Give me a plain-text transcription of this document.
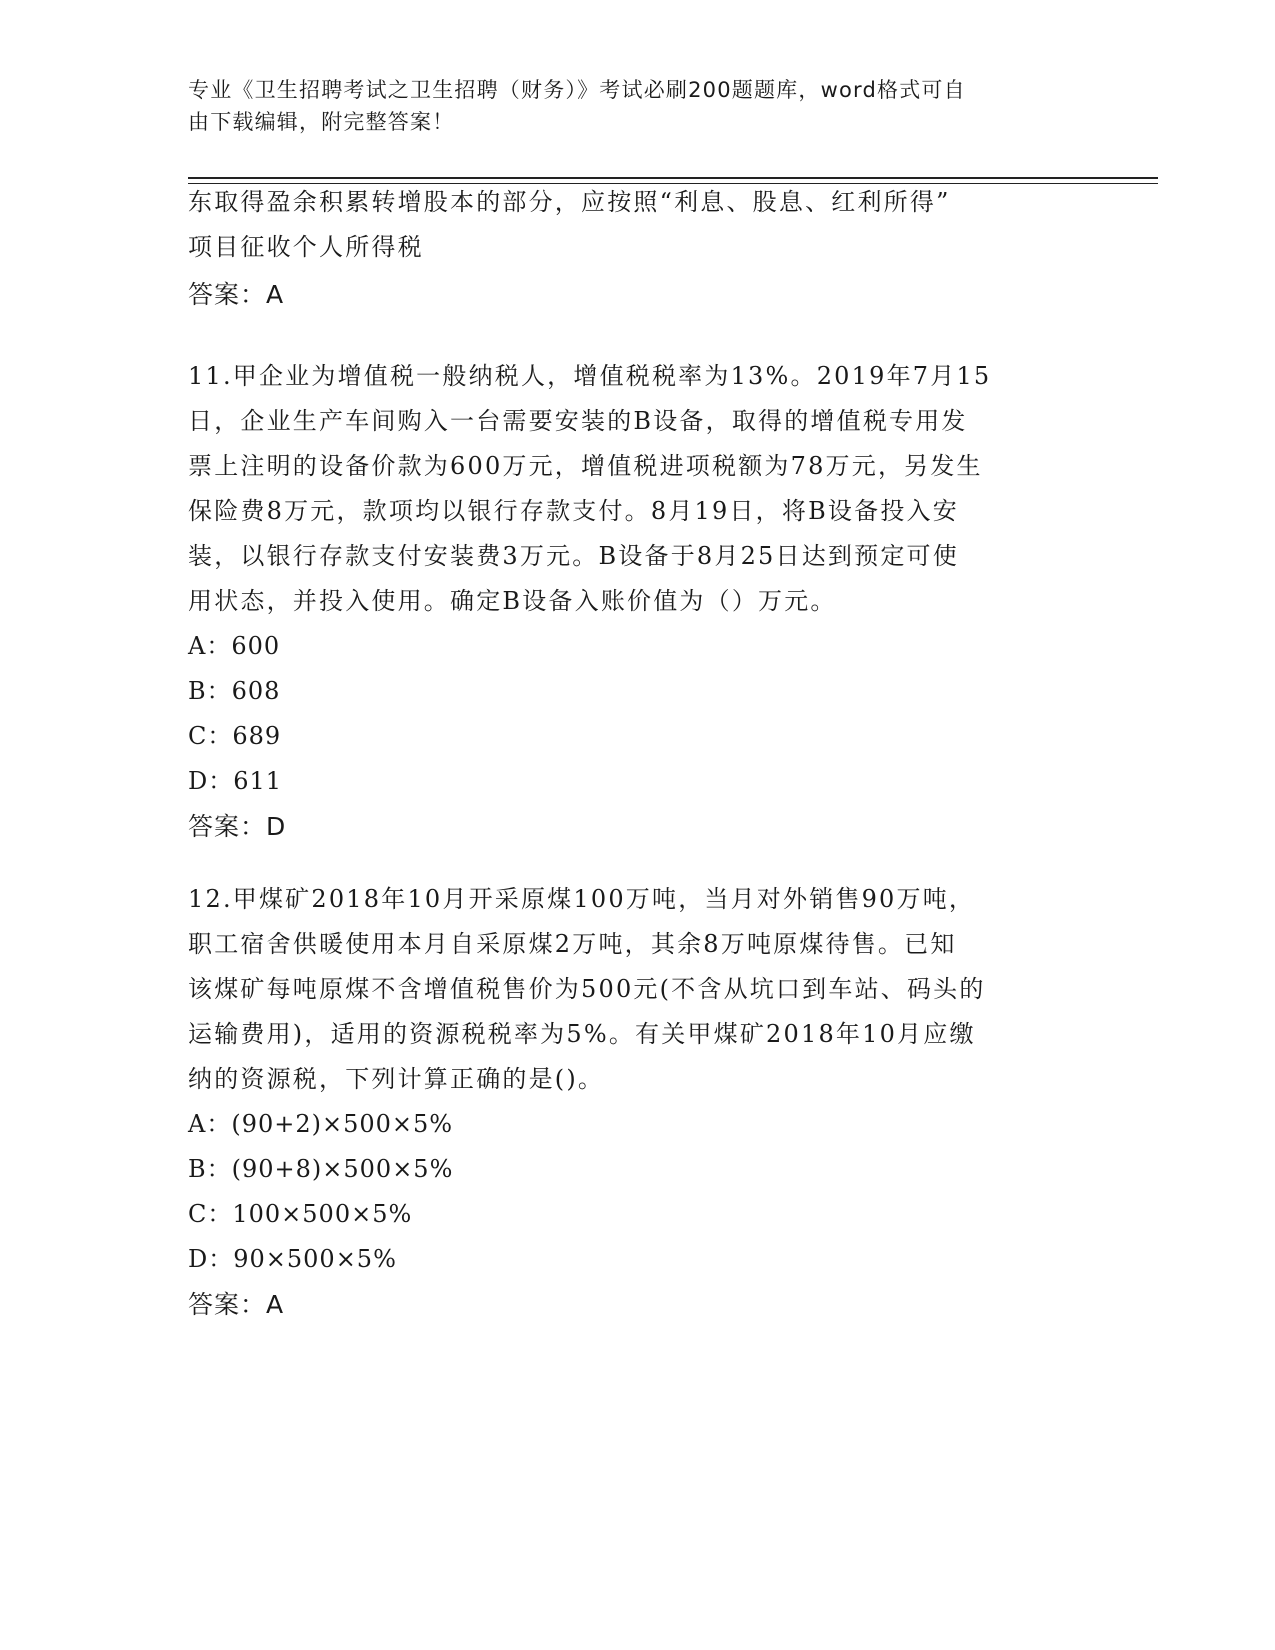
专业《卫生招聘考试之卫生招聘（财务）》考试必刷200题题库，word格式可自
由下载编辑，附完整答案！
东取得盈余积累转增股本的部分，应按照“利息、股息、红利所得”
项目征收个人所得税
答案：A
11.甲企业为增值税一般纳税人，增值税税率为13%。2019年7月15
日，企业生产车间购入一台需要安装的B设备，取得的增值税专用发
票上注明的设备价款为600万元，增值税进项税额为78万元，另发生
保险费8万元，款项均以银行存款支付。8月19日，将B设备投入安
装，以银行存款支付安装费3万元。B设备于8月25日达到预定可使
用状态，并投入使用。确定B设备入账价值为（）万元。
A：600
B：608
C：689
D：611
答案：D
12.甲煤矿2018年10月开采原煤100万吨，当月对外销售90万吨，
职工宿舍供暖使用本月自采原煤2万吨，其余8万吨原煤待售。已知
该煤矿每吨原煤不含增值税售价为500元(不含从坑口到车站、码头的
运输费用)，适用的资源税税率为5%。有关甲煤矿2018年10月应缴
纳的资源税，下列计算正确的是()。
A：(90+2)×500×5%
B：(90+8)×500×5%
C：100×500×5%
D：90×500×5%
答案：A
